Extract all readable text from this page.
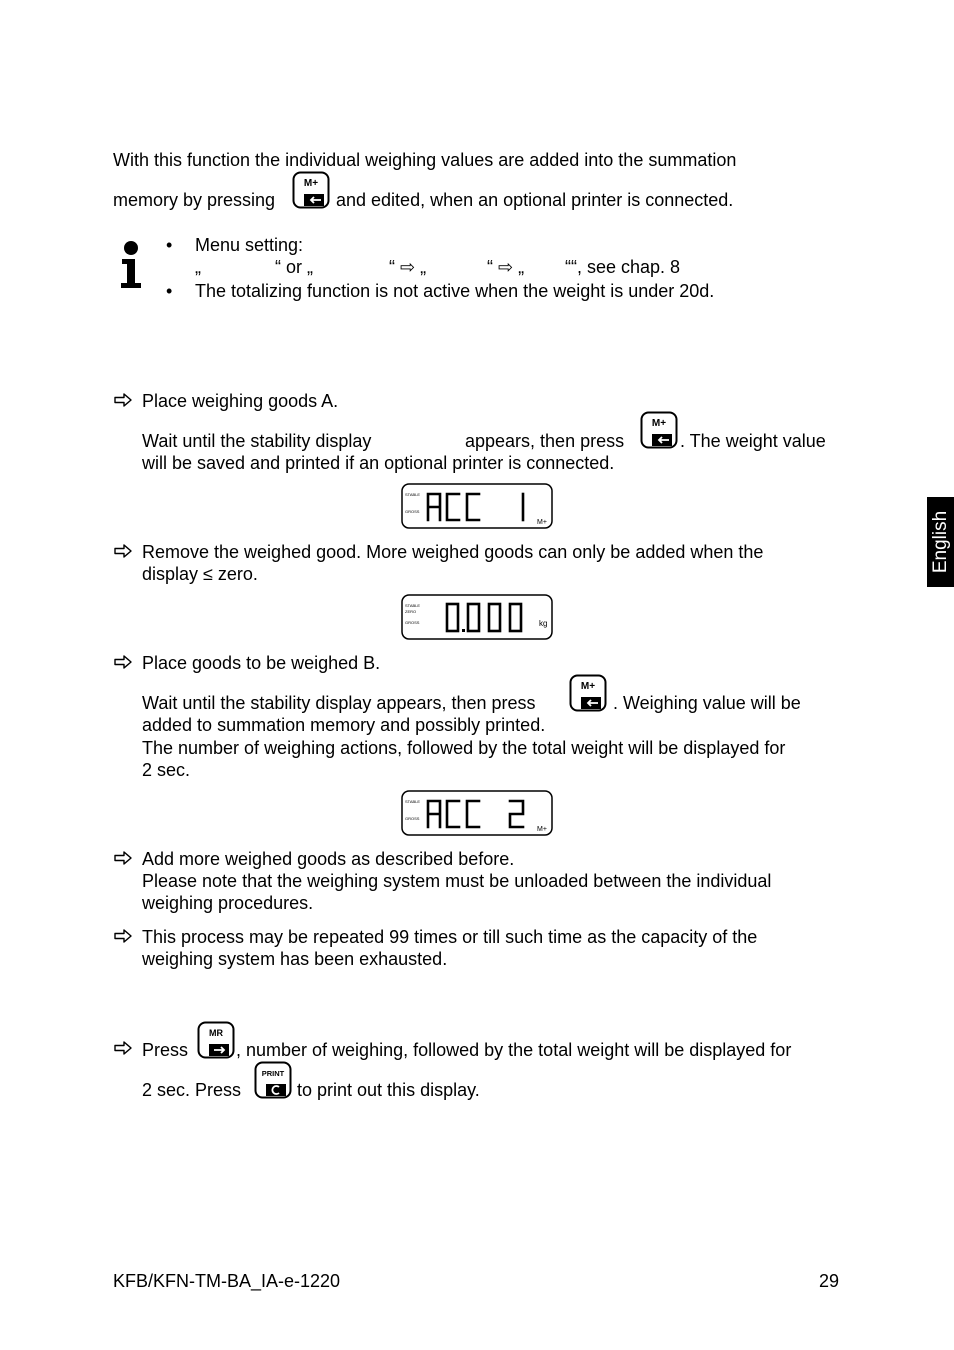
With this function the individual weighing values are added into the summation
memory by pressing
M+
and edited, when an optional printer is connected.
• Menu setting:
„	“ or „	“ ⇨ „	“ ⇨ „ ““, see chap. 8
• The totalizing function is not active when the weight is under 20d.
Place weighing goods A.
Wait until the stability display	appears, then press
M+
. The weight value
will be saved and printed if an optional printer is connected.
STABLE
GROSS
M+
Remove the weighed good. More weighed goods can only be added when the
display ≤ zero.
STABLE
ZERO
GROSS	kg
Place goods to be weighed B.
Wait until the stability display appears, then press
M+
. Weighing value will be
added to summation memory and possibly printed.
The number of weighing actions, followed by the total weight will be displayed for
2 sec.
STABLE
GROSS
M+
Add more weighed goods as described before.
Please note that the weighing system must be unloaded between the individual
weighing procedures.
This process may be repeated 99 times or till such time as the capacity of the
weighing system has been exhausted.
Press
MR
, number of weighing, followed by the total weight will be displayed for
2 sec. Press
PRINT
to print out this display.
English
KFB/KFN-TM-BA_IA-e-1220	29
